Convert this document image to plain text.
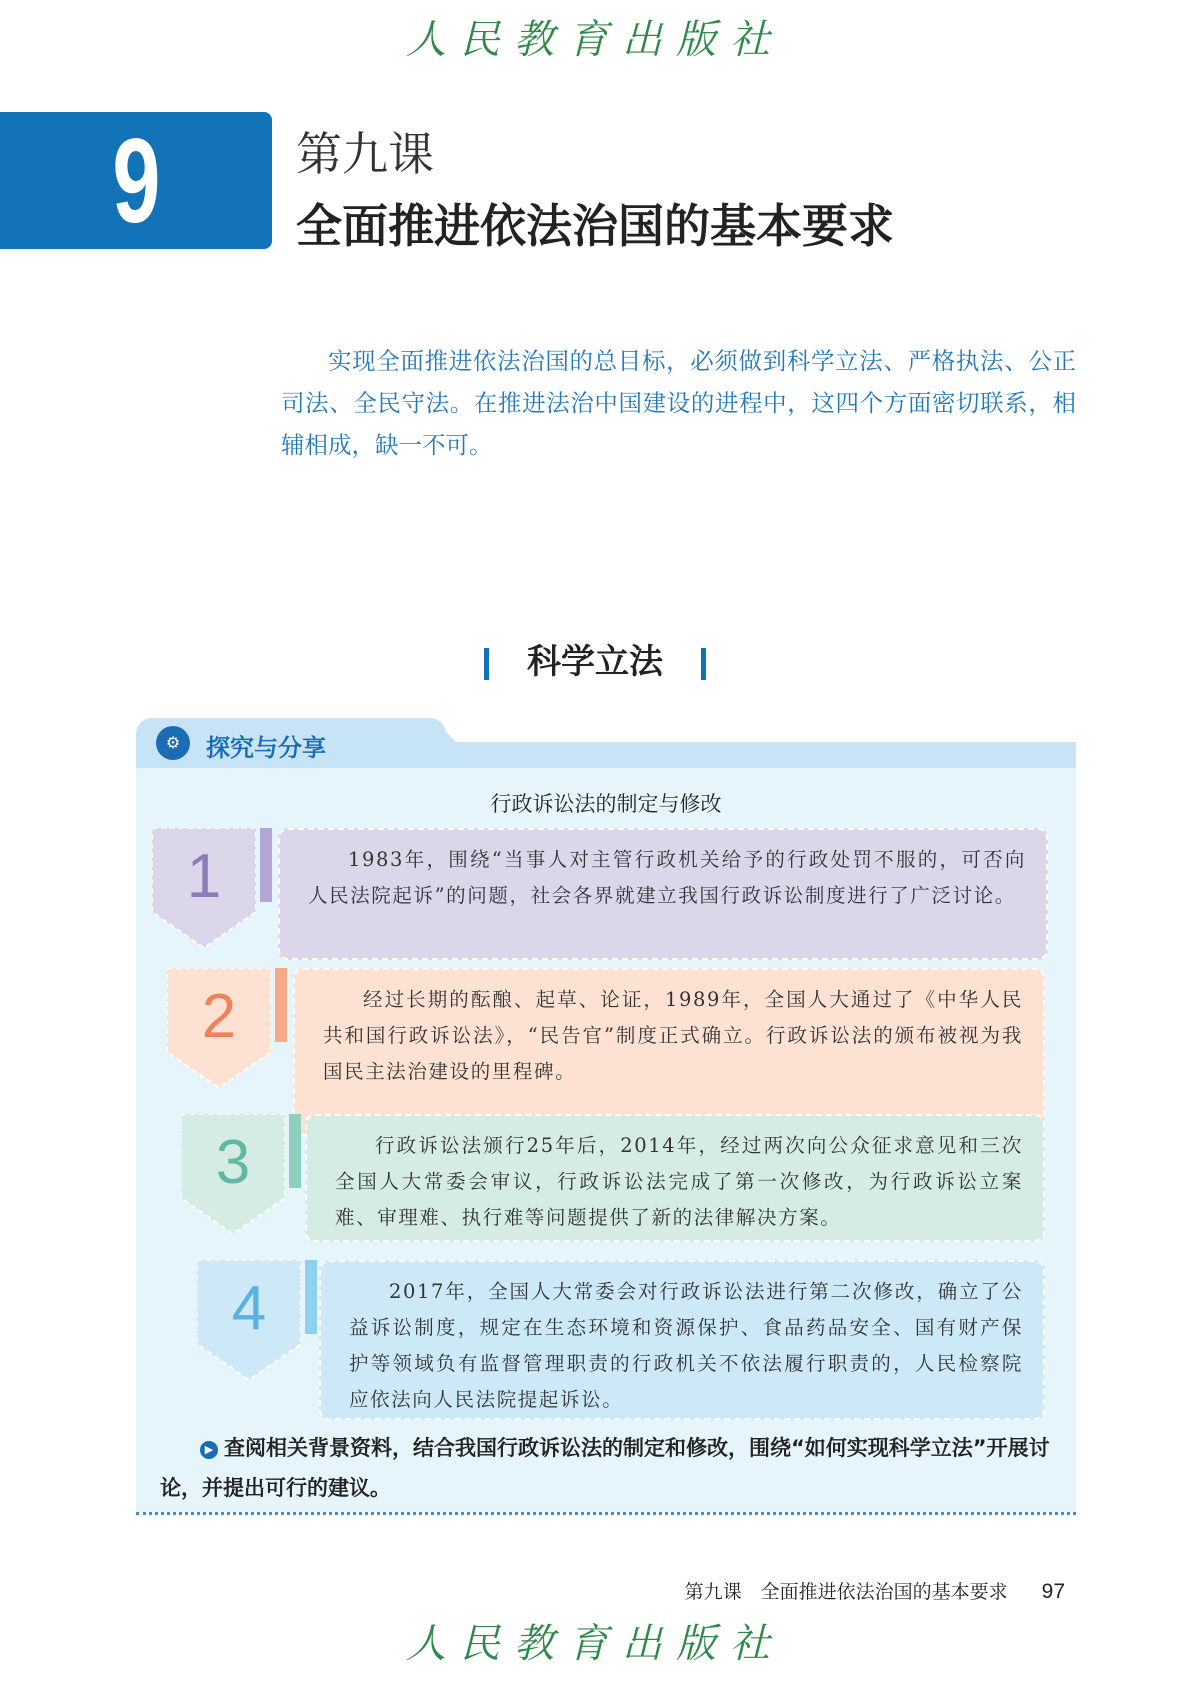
人民教育出版社
9	第九课
全面推进依法治国的基本要求
实现全面推进依法治国的总目标，必须做到科学立法、严格执法、公正司法、全民守法。在推进法治中国建设的进程中，这四个方面密切联系，相辅相成，缺一不可。
科学立法
⚙	探究与分享
行政诉讼法的制定与修改
1	1983年，围绕“当事人对主管行政机关给予的行政处罚不服的，可否向人民法院起诉”的问题，社会各界就建立我国行政诉讼制度进行了广泛讨论。
2	经过长期的酝酿、起草、论证，1989年，全国人大通过了《中华人民共和国行政诉讼法》，“民告官”制度正式确立。行政诉讼法的颁布被视为我国民主法治建设的里程碑。
3	行政诉讼法颁行25年后，2014年，经过两次向公众征求意见和三次全国人大常委会审议，行政诉讼法完成了第一次修改，为行政诉讼立案难、审理难、执行难等问题提供了新的法律解决方案。
4	2017年，全国人大常委会对行政诉讼法进行第二次修改，确立了公益诉讼制度，规定在生态环境和资源保护、食品药品安全、国有财产保护等领域负有监督管理职责的行政机关不依法履行职责的，人民检察院应依法向人民法院提起诉讼。
▶ 查阅相关背景资料，结合我国行政诉讼法的制定和修改，围绕“如何实现科学立法”开展讨论，并提出可行的建议。
第九课　全面推进依法治国的基本要求 97
人民教育出版社
